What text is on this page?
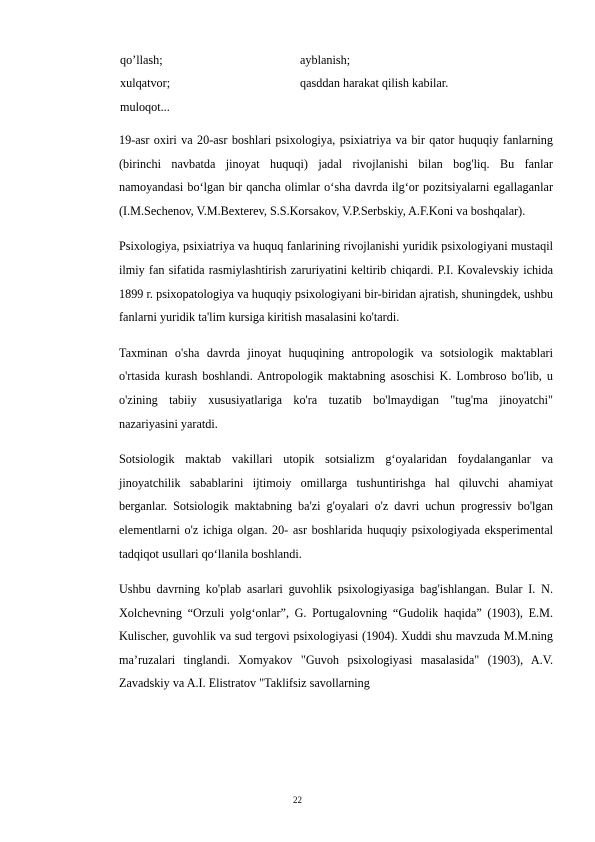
qo’llash;	ayblanish;
xulqatvor;	qasddan harakat qilish kabilar.
muloqot...

19-asr oxiri va 20-asr boshlari psixologiya, psixiatriya va bir qator huquqiy fanlarning (birinchi navbatda jinoyat huquqi) jadal rivojlanishi bilan bog'liq. Bu fanlar namoyandasi bo‘lgan bir qancha olimlar o‘sha davrda ilg‘or pozitsiyalarni egallaganlar (I.M.Sechenov, V.M.Bexterev, S.S.Korsakov, V.P.Serbskiy, A.F.Koni va boshqalar).

Psixologiya, psixiatriya va huquq fanlarining rivojlanishi yuridik psixologiyani mustaqil ilmiy fan sifatida rasmiylashtirish zaruriyatini keltirib chiqardi. P.I. Kovalevskiy ichida 1899 r. psixopatologiya va huquqiy psixologiyani bir-biridan ajratish, shuningdek, ushbu fanlarni yuridik ta'lim kursiga kiritish masalasini ko'tardi.

Taxminan o'sha davrda jinoyat huquqining antropologik va sotsiologik maktablari o'rtasida kurash boshlandi. Antropologik maktabning asoschisi K. Lombroso bo'lib, u o'zining tabiiy xususiyatlariga ko'ra tuzatib bo'lmaydigan "tug'ma jinoyatchi" nazariyasini yaratdi.

Sotsiologik maktab vakillari utopik sotsializm g‘oyalaridan foydalanganlar va jinoyatchilik sabablarini ijtimoiy omillarga tushuntirishga hal qiluvchi ahamiyat berganlar. Sotsiologik maktabning ba'zi g'oyalari o'z davri uchun progressiv bo'lgan elementlarni o'z ichiga olgan. 20- asr boshlarida huquqiy psixologiyada eksperimental tadqiqot usullari qo‘llanila boshlandi.

Ushbu davrning ko'plab asarlari guvohlik psixologiyasiga bag'ishlangan. Bular I. N. Xolchevning “Orzuli yolg‘onlar”, G. Portugalovning “Gudolik haqida” (1903), E.M. Kulischer, guvohlik va sud tergovi psixologiyasi (1904). Xuddi shu mavzuda M.M.ning ma’ruzalari tinglandi. Xomyakov "Guvoh psixologiyasi masalasida" (1903), A.V. Zavadskiy va A.I. Elistratov "Taklifsiz savollarning

22
